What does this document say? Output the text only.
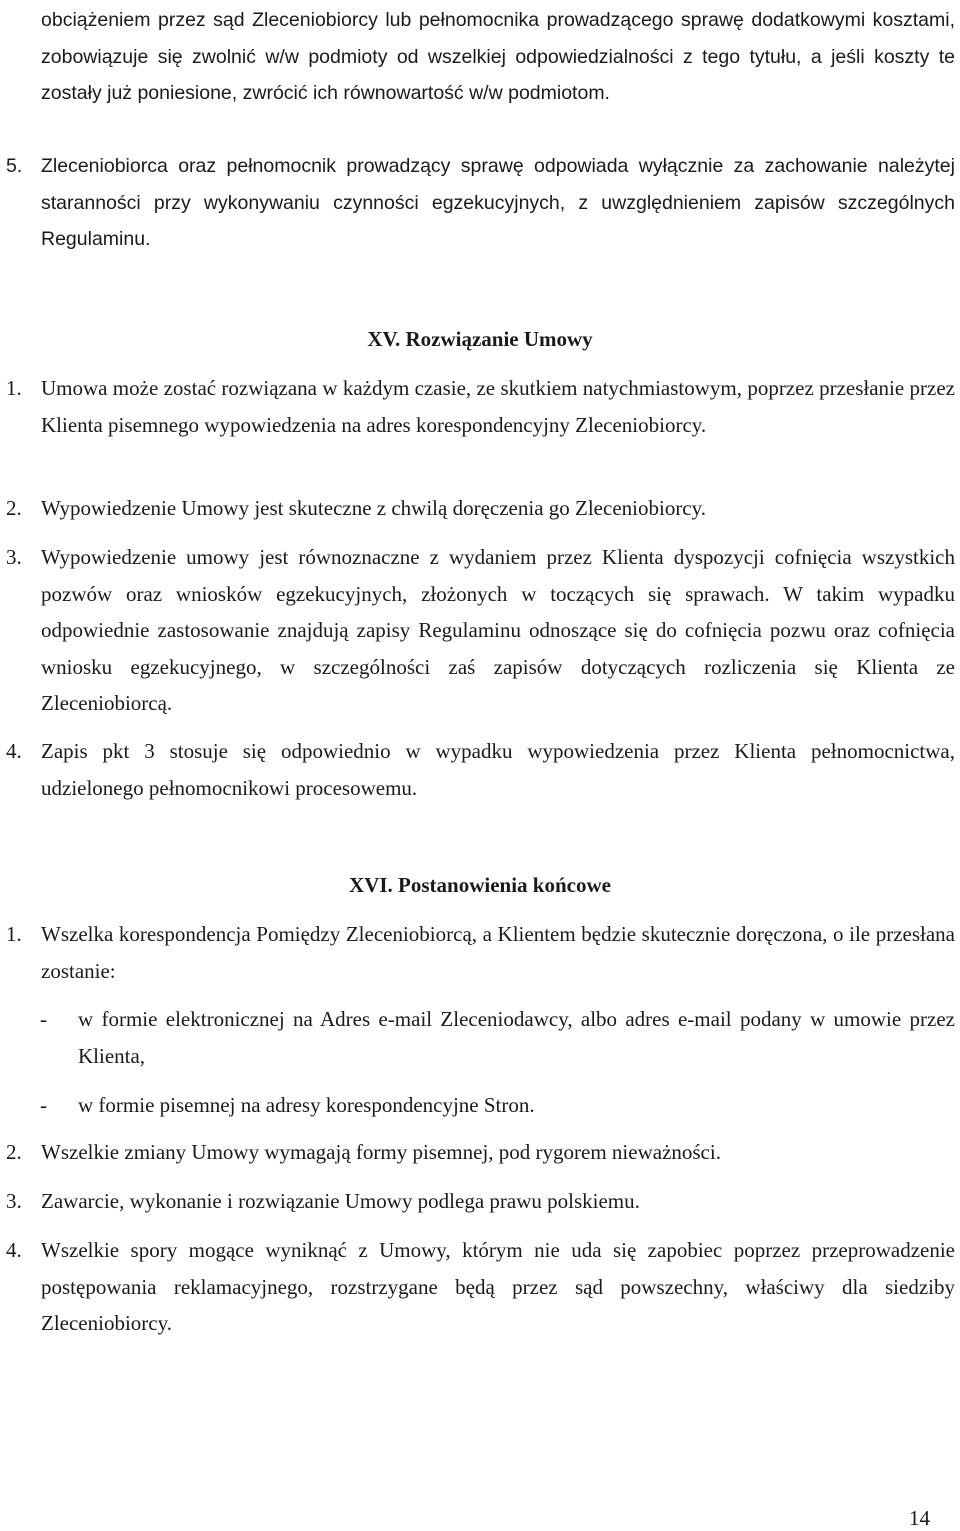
obciążeniem przez sąd Zleceniobiorcy lub pełnomocnika prowadzącego sprawę dodatkowymi kosztami, zobowiązuje się zwolnić w/w podmioty od wszelkiej odpowiedzialności z tego tytułu, a jeśli koszty te zostały już poniesione, zwrócić ich równowartość w/w podmiotom.

5. Zleceniobiorca oraz pełnomocnik prowadzący sprawę odpowiada wyłącznie za zachowanie należytej staranności przy wykonywaniu czynności egzekucyjnych, z uwzględnieniem zapisów szczególnych Regulaminu.

XV. Rozwiązanie Umowy

1. Umowa może zostać rozwiązana w każdym czasie, ze skutkiem natychmiastowym, poprzez przesłanie przez Klienta pisemnego wypowiedzenia na adres korespondencyjny Zleceniobiorcy.

2. Wypowiedzenie Umowy jest skuteczne z chwilą doręczenia go Zleceniobiorcy.

3. Wypowiedzenie umowy jest równoznaczne z wydaniem przez Klienta dyspozycji cofnięcia wszystkich pozwów oraz wniosków egzekucyjnych, złożonych w toczących się sprawach. W takim wypadku odpowiednie zastosowanie znajdują zapisy Regulaminu odnoszące się do cofnięcia pozwu oraz cofnięcia wniosku egzekucyjnego, w szczególności zaś zapisów dotyczących rozliczenia się Klienta ze Zleceniobiorcą.

4. Zapis pkt 3 stosuje się odpowiednio w wypadku wypowiedzenia przez Klienta pełnomocnictwa, udzielonego pełnomocnikowi procesowemu.

XVI. Postanowienia końcowe

1. Wszelka korespondencja Pomiędzy Zleceniobiorcą, a Klientem będzie skutecznie doręczona, o ile przesłana zostanie:

- w formie elektronicznej na Adres e-mail Zleceniodawcy, albo adres e-mail podany w umowie przez Klienta,

- w formie pisemnej na adresy korespondencyjne Stron.

2. Wszelkie zmiany Umowy wymagają formy pisemnej, pod rygorem nieważności.

3. Zawarcie, wykonanie i rozwiązanie Umowy podlega prawu polskiemu.

4. Wszelkie spory mogące wyniknąć z Umowy, którym nie uda się zapobiec poprzez przeprowadzenie postępowania reklamacyjnego, rozstrzygane będą przez sąd powszechny, właściwy dla siedziby Zleceniobiorcy.

14
